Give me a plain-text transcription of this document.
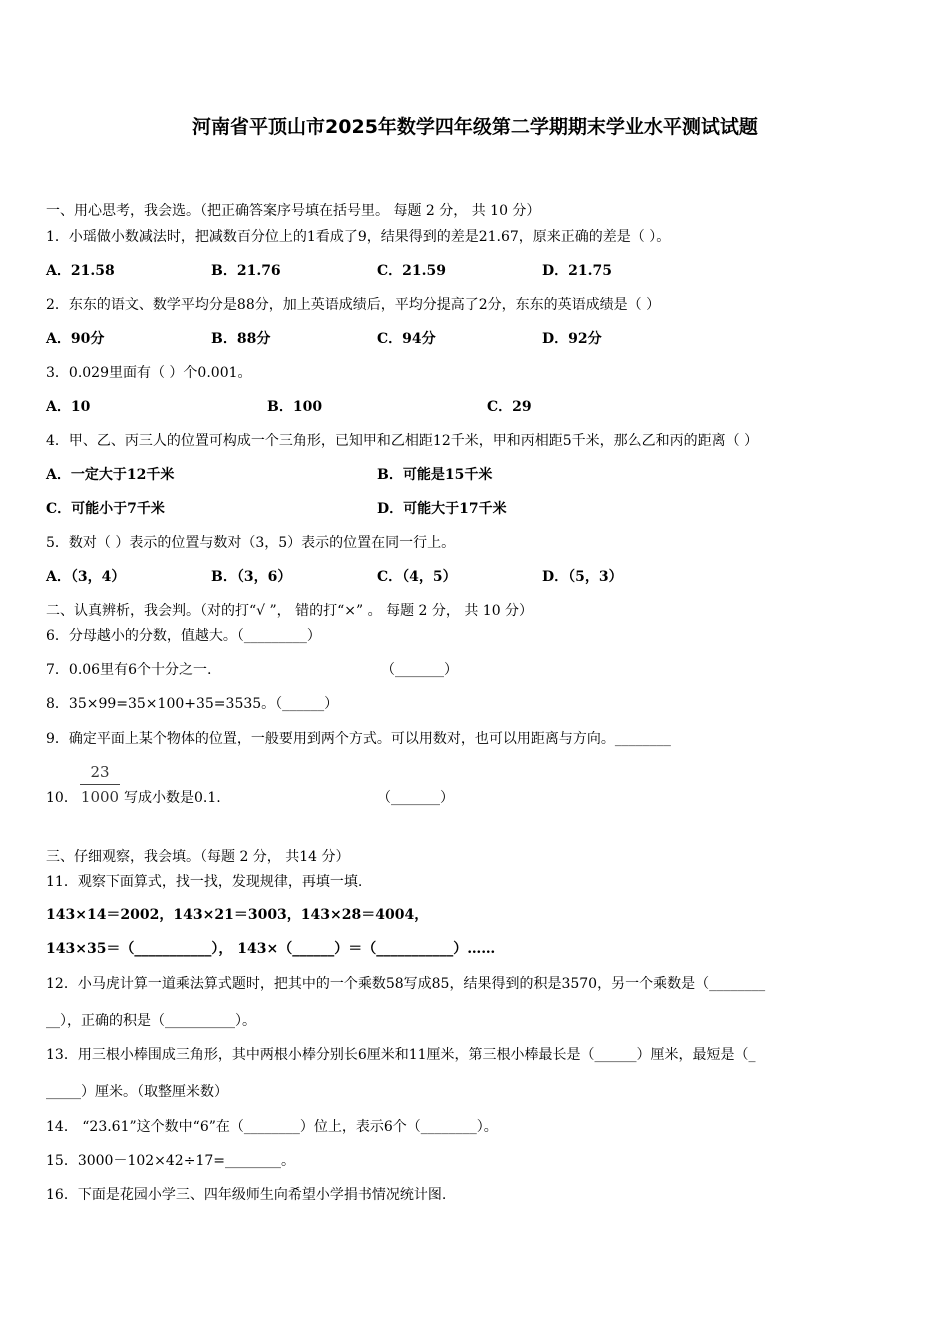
河南省平顶山市2025年数学四年级第二学期期末学业水平测试试题
一、用心思考，我会选。（把正确答案序号填在括号里。 每题 2 分， 共 10 分）
1．小瑶做小数减法时，把减数百分位上的1看成了9，结果得到的差是21.67，原来正确的差是（ ）。
A．21.58	B．21.76	C．21.59	D．21.75
2．东东的语文、数学平均分是88分，加上英语成绩后，平均分提高了2分，东东的英语成绩是（ ）
A．90分	B．88分	C．94分	D．92分
3．0.029里面有（ ）个0.001。
A．10	B．100	C．29
4．甲、乙、丙三人的位置可构成一个三角形，已知甲和乙相距12千米，甲和丙相距5千米，那么乙和丙的距离（ ）
A．一定大于12千米	B．可能是15千米
C．可能小于7千米	D．可能大于17千米
5．数对（ ）表示的位置与数对（3，5）表示的位置在同一行上。
A．（3，4）	B．（3，6）	C．（4，5）	D．（5，3）
二、认真辨析，我会判。（对的打“√ ”， 错的打“×” 。 每题 2 分， 共 10 分）
6．分母越小的分数，值越大。（_________）
7．0.06里有6个十分之一.	（_______）
8．35×99=35×100+35=3535。（______）
9．确定平面上某个物体的位置，一般要用到两个方式。可以用数对，也可以用距离与方向。________
10．
23
1000 写成小数是0.1.	（_______）
三、仔细观察，我会填。（每题 2 分， 共14 分）
11．观察下面算式，找一找，发现规律，再填一填.
143×14＝2002，143×21＝3003，143×28＝4004，
143×35＝（___________）， 143×（______）＝（___________）……
12．小马虎计算一道乘法算式题时，把其中的一个乘数58写成85，结果得到的积是3570，另一个乘数是（________
__），正确的积是（__________）。
13．用三根小棒围成三角形，其中两根小棒分别长6厘米和11厘米，第三根小棒最长是（______）厘米，最短是（_
_____）厘米。（取整厘米数）
14． “23.61”这个数中“6”在（________）位上，表示6个（________）。
15．3000－102×42÷17=________。
16．下面是花园小学三、四年级师生向希望小学捐书情况统计图.
